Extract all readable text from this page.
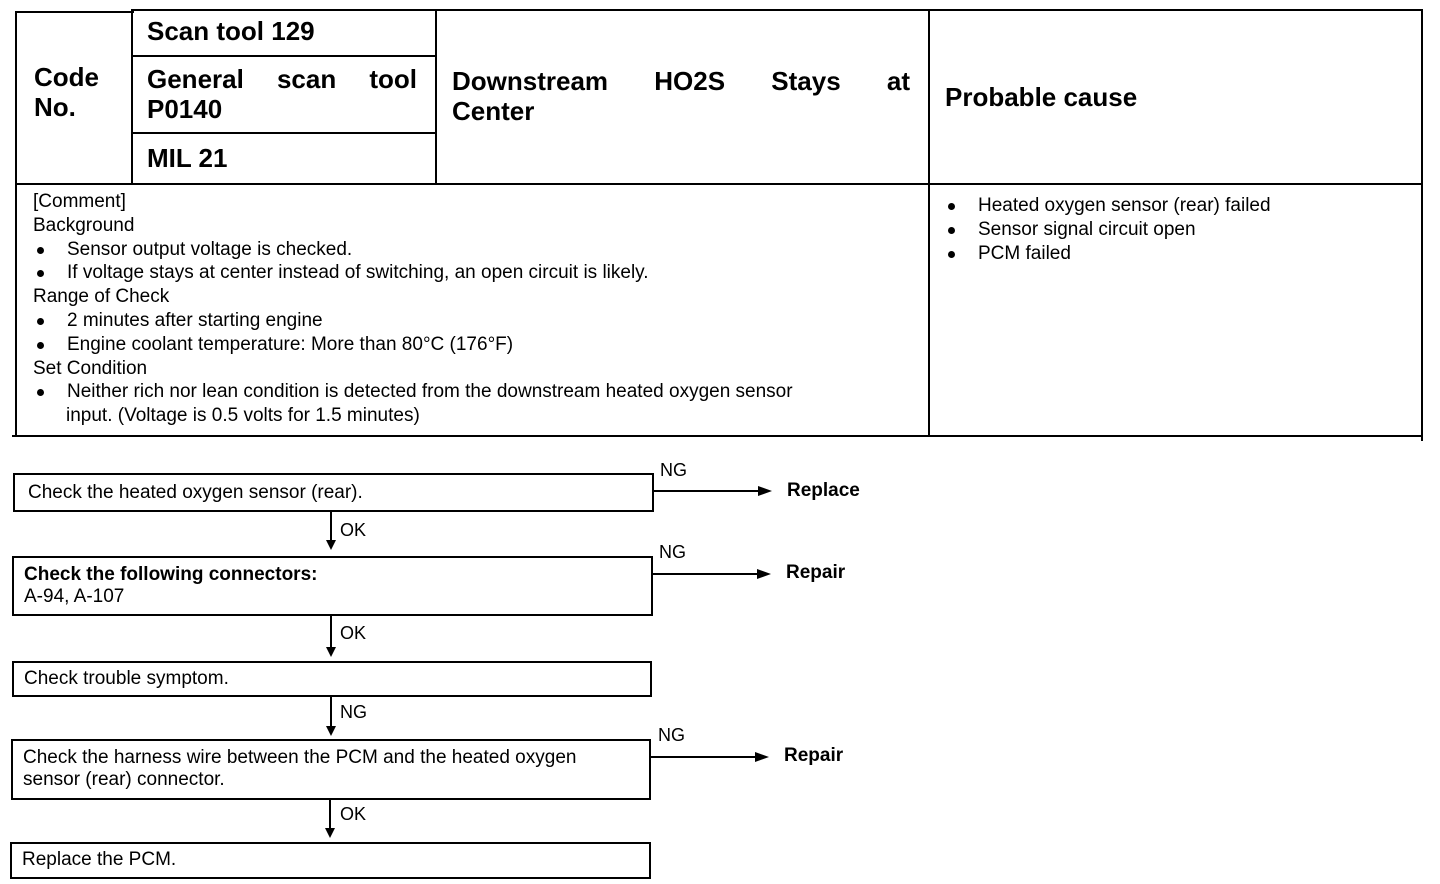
Code No.
Scan tool 129
General scan tool
P0140
MIL 21
Downstream HO2S Stays at
Center	Probable cause
[Comment]
Background
Sensor output voltage is checked.
If voltage stays at center instead of switching, an open circuit is likely.
Range of Check
2 minutes after starting engine
Engine coolant temperature: More than 80°C (176°F)
Set Condition
Neither rich nor lean condition is detected from the downstream heated oxygen sensor
input. (Voltage is 0.5 volts for 1.5 minutes)
Heated oxygen sensor (rear) failed
Sensor signal circuit open
PCM failed
Check the heated oxygen sensor (rear).
NG
Replace
OK
Check the following connectors:
A-94, A-107
NG
Repair
OK
Check trouble symptom.
NG
Check the harness wire between the PCM and the heated oxygen
sensor (rear) connector.
NG
Repair
OK
Replace the PCM.
